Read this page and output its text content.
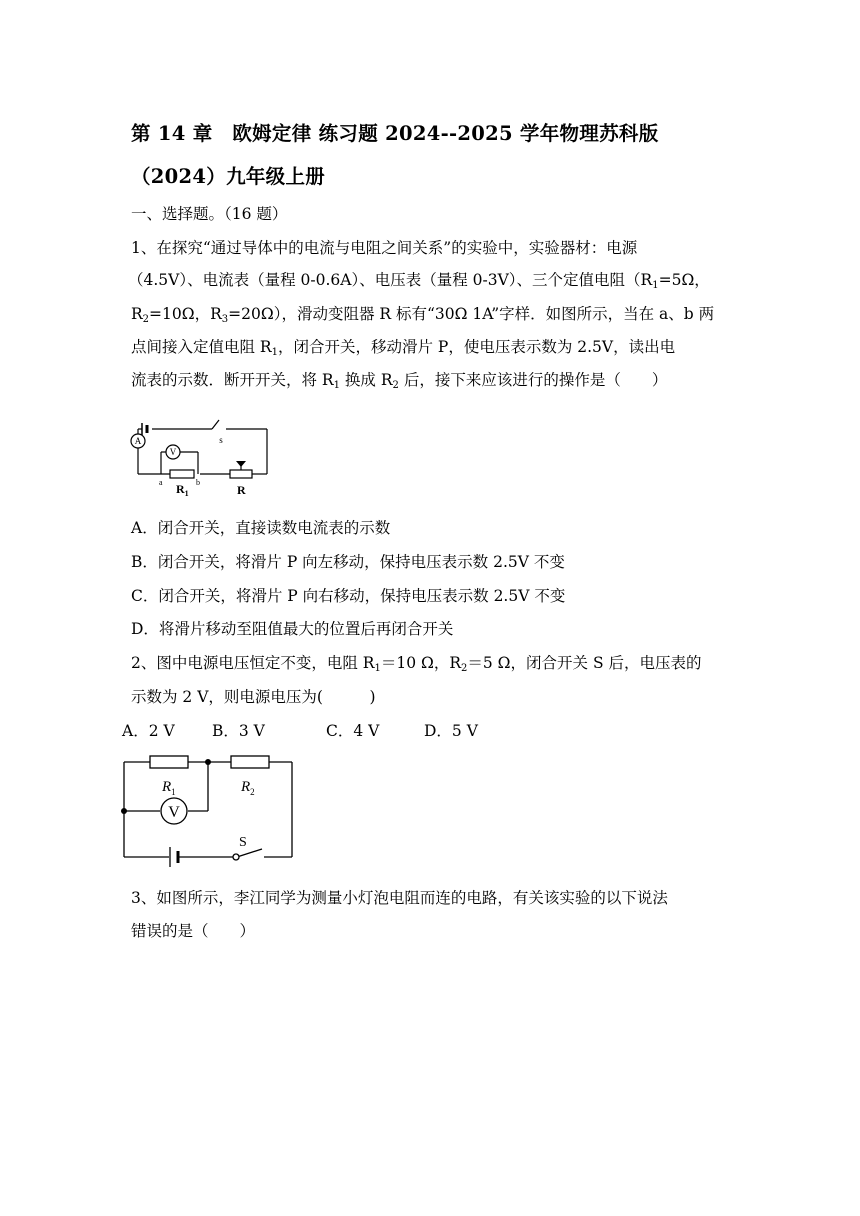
第 14 章　欧姆定律 练习题 2024--2025 学年物理苏科版（2024）九年级上册
一、选择题。（16 题）
1、在探究“通过导体中的电流与电阻之间关系”的实验中，实验器材：电源
（4.5V）、电流表（量程 0-0.6A）、电压表（量程 0-3V）、三个定值电阻（$R_1=5\Omega$，
$R_2=10\Omega$，$R_3=20\Omega$），滑动变阻器 R 标有“30Ω 1A”字样．如图所示，当在 a、b 两
点间接入定值电阻 $R_1$，闭合开关，移动滑片 P，使电压表示数为 2.5V，读出电
流表的示数．断开开关，将 $R_1$ 换成 $R_2$ 后，接下来应该进行的操作是（　　）
A
V
s
a	b
$R_1$	R
A．闭合开关，直接读数电流表的示数
B．闭合开关，将滑片 P 向左移动，保持电压表示数 2.5V 不变
C．闭合开关，将滑片 P 向右移动，保持电压表示数 2.5V 不变
D．将滑片移动至阻值最大的位置后再闭合开关
2、图中电源电压恒定不变，电阻 $R_1=10$ Ω，$R_2=5$ Ω，闭合开关 S 后，电压表的
示数为 2 V，则电源电压为(　　　)
A．2 V B．3 V	C．4 V	D．5 V
$R_1$	$R_2$
V
S
3、如图所示，李江同学为测量小灯泡电阻而连的电路，有关该实验的以下说法
错误的是（　　）
